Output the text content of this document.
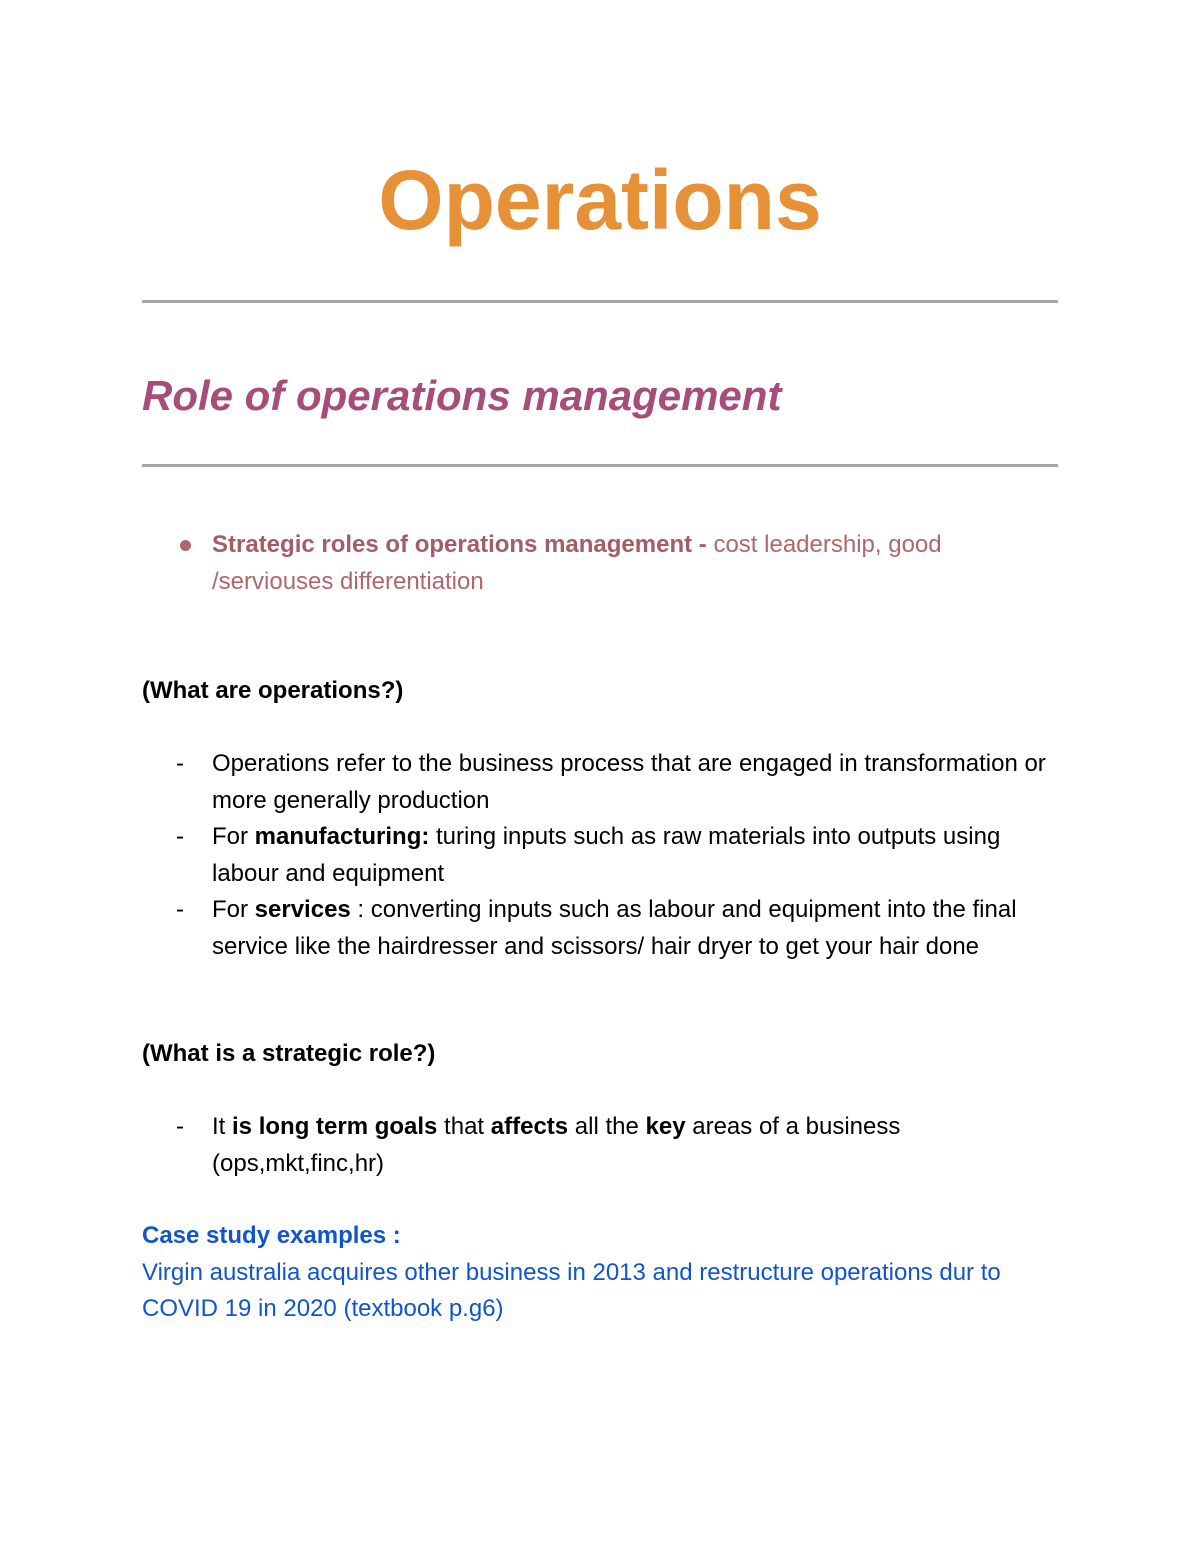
Operations
Role of operations management
Strategic roles of operations management - cost leadership, good /serviouses differentiation
(What are operations?)
- Operations refer to the business process that are engaged in transformation or more generally production
- For manufacturing: turing inputs such as raw materials into outputs using labour and equipment
- For services : converting inputs such as labour and equipment into the final service like the hairdresser and scissors/ hair dryer to get your hair done
(What is a strategic role?)
- It is long term goals that affects all the key areas of a business (ops,mkt,finc,hr)
Case study examples :
Virgin australia acquires other business in 2013 and restructure operations dur to COVID 19 in 2020 (textbook p.g6)
